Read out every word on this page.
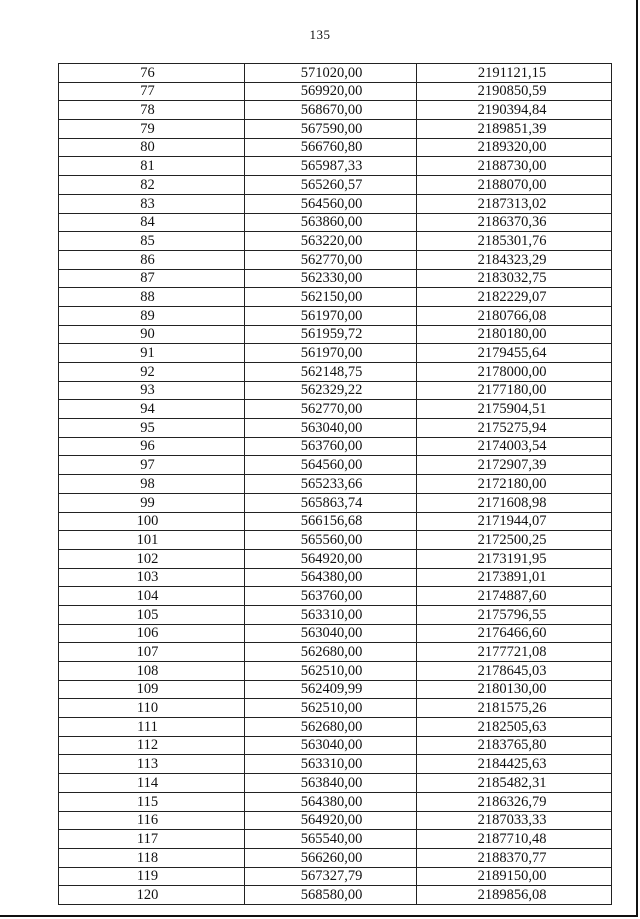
135
76	571020,00	2191121,15
77	569920,00	2190850,59
78	568670,00	2190394,84
79	567590,00	2189851,39
80	566760,80	2189320,00
81	565987,33	2188730,00
82	565260,57	2188070,00
83	564560,00	2187313,02
84	563860,00	2186370,36
85	563220,00	2185301,76
86	562770,00	2184323,29
87	562330,00	2183032,75
88	562150,00	2182229,07
89	561970,00	2180766,08
90	561959,72	2180180,00
91	561970,00	2179455,64
92	562148,75	2178000,00
93	562329,22	2177180,00
94	562770,00	2175904,51
95	563040,00	2175275,94
96	563760,00	2174003,54
97	564560,00	2172907,39
98	565233,66	2172180,00
99	565863,74	2171608,98
100	566156,68	2171944,07
101	565560,00	2172500,25
102	564920,00	2173191,95
103	564380,00	2173891,01
104	563760,00	2174887,60
105	563310,00	2175796,55
106	563040,00	2176466,60
107	562680,00	2177721,08
108	562510,00	2178645,03
109	562409,99	2180130,00
110	562510,00	2181575,26
111	562680,00	2182505,63
112	563040,00	2183765,80
113	563310,00	2184425,63
114	563840,00	2185482,31
115	564380,00	2186326,79
116	564920,00	2187033,33
117	565540,00	2187710,48
118	566260,00	2188370,77
119	567327,79	2189150,00
120	568580,00	2189856,08
